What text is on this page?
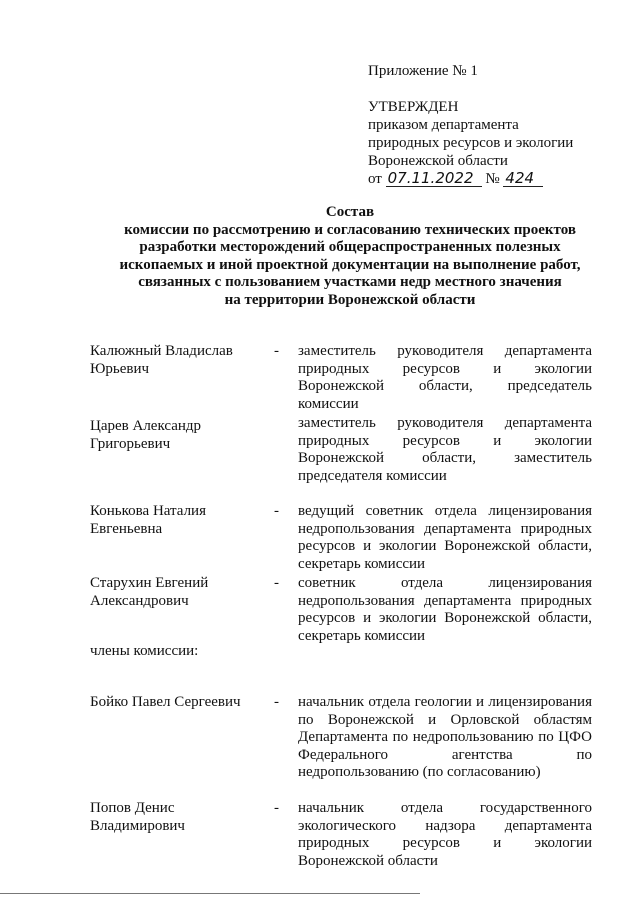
Приложение № 1
УТВЕРЖДЕН
приказом департамента
природных ресурсов и экологии
Воронежской области
от 07.11.2022 № 424
Состав
комиссии по рассмотрению и согласованию технических проектов
разработки месторождений общераспространенных полезных
ископаемых и иной проектной документации на выполнение работ,
связанных с пользованием участками недр местного значения
на территории Воронежской области
Калюжный Владислав Юрьевич
- заместитель руководителя департамента природных ресурсов и экологии Воронежской области, председатель комиссии
Царев Александр Григорьевич
заместитель руководителя департамента природных ресурсов и экологии Воронежской области, заместитель председателя комиссии
Конькова Наталия Евгеньевна
- ведущий советник отдела лицензирования недропользования департамента природных ресурсов и экологии Воронежской области, секретарь комиссии
Старухин Евгений Александрович
- советник отдела лицензирования недропользования департамента природных ресурсов и экологии Воронежской области, секретарь комиссии
члены комиссии:
Бойко Павел Сергеевич	- начальник отдела геологии и лицензирования по Воронежской и Орловской областям Департамента по недропользованию по ЦФО Федерального агентства по недропользованию (по согласованию)
Попов Денис Владимирович
- начальник отдела государственного экологического надзора департамента природных ресурсов и экологии Воронежской области
